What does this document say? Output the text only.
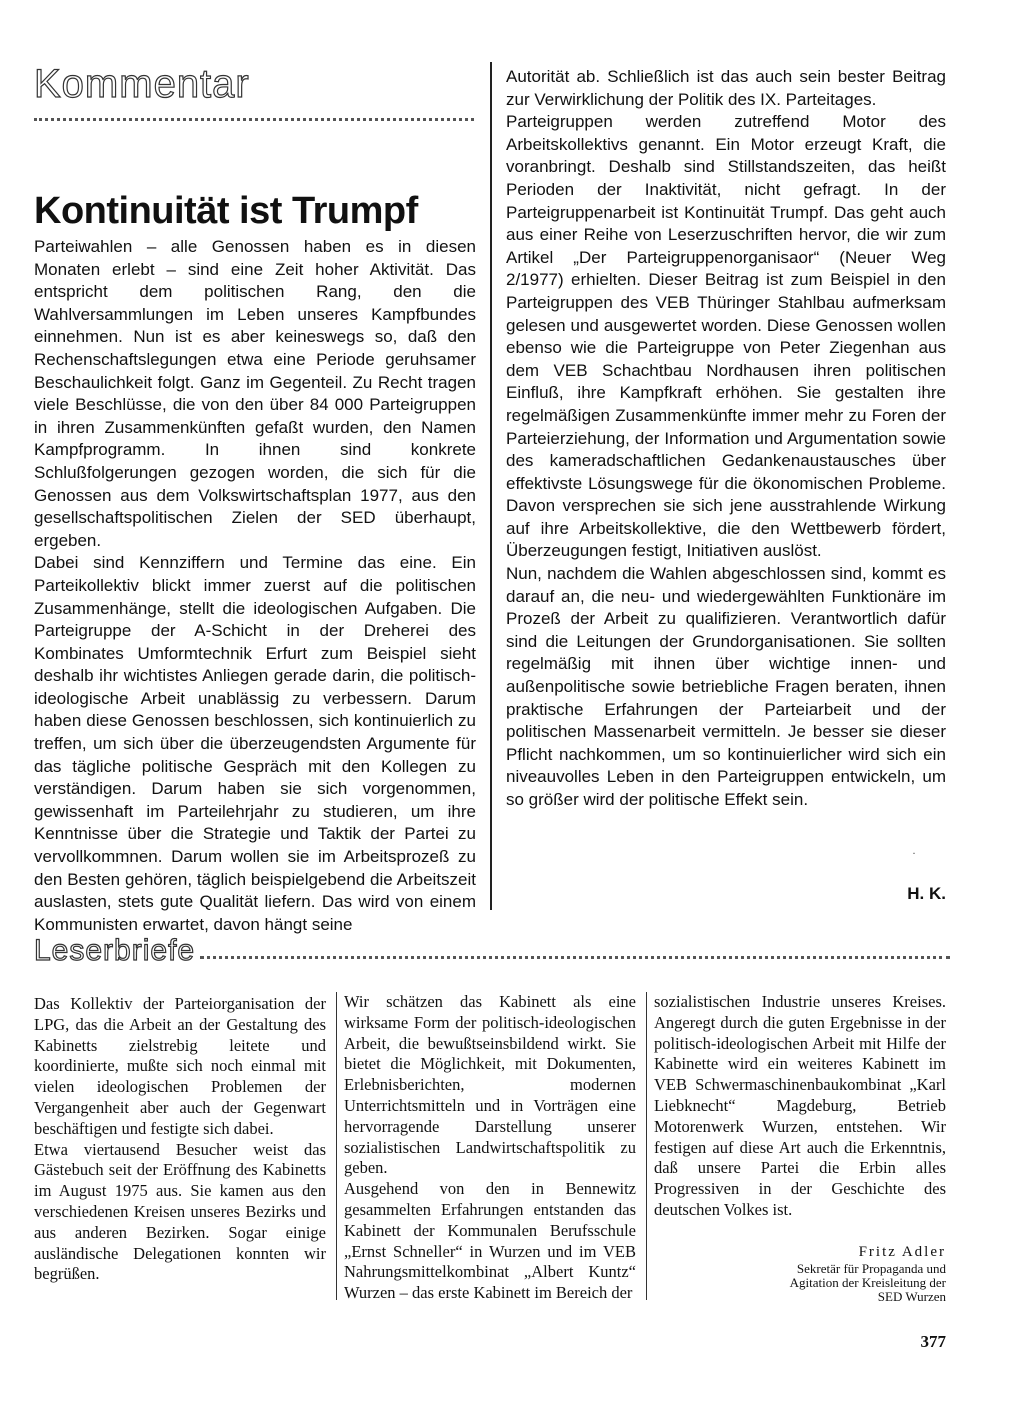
Kommentar
Kontinuität ist Trumpf

Parteiwahlen – alle Genossen haben es in diesen Monaten erlebt – sind eine Zeit hoher Aktivität. Das entspricht dem politischen Rang, den die Wahlversammlungen im Leben unseres Kampfbundes einnehmen. Nun ist es aber keineswegs so, daß den Rechenschaftslegungen etwa eine Periode geruhsamer Beschaulichkeit folgt. Ganz im Gegenteil. Zu Recht tragen viele Beschlüsse, die von den über 84 000 Parteigruppen in ihren Zusammenkünften gefaßt wurden, den Namen Kampfprogramm. In ihnen sind konkrete Schlußfolgerungen gezogen worden, die sich für die Genossen aus dem Volkswirtschaftsplan 1977, aus den gesellschaftspolitischen Zielen der SED überhaupt, ergeben.

Dabei sind Kennziffern und Termine das eine. Ein Parteikollektiv blickt immer zuerst auf die politischen Zusammenhänge, stellt die ideologischen Aufgaben. Die Parteigruppe der A-Schicht in der Dreherei des Kombinates Umformtechnik Erfurt zum Beispiel sieht deshalb ihr wichtistes Anliegen gerade darin, die politisch-ideologische Arbeit unablässig zu verbessern. Darum haben diese Genossen beschlossen, sich kontinuierlich zu treffen, um sich über die überzeugendsten Argumente für das tägliche politische Gespräch mit den Kollegen zu verständigen. Darum haben sie sich vorgenommen, gewissenhaft im Parteilehrjahr zu studieren, um ihre Kenntnisse über die Strategie und Taktik der Partei zu vervollkommnen. Darum wollen sie im Arbeitsprozeß zu den Besten gehören, täglich beispielgebend die Arbeitszeit auslasten, stets gute Qualität liefern. Das wird von einem Kommunisten erwartet, davon hängt seine

Autorität ab. Schließlich ist das auch sein bester Beitrag zur Verwirklichung der Politik des IX. Parteitages.

Parteigruppen werden zutreffend Motor des Arbeitskollektivs genannt. Ein Motor erzeugt Kraft, die voranbringt. Deshalb sind Stillstandszeiten, das heißt Perioden der Inaktivität, nicht gefragt. In der Parteigruppenarbeit ist Kontinuität Trumpf. Das geht auch aus einer Reihe von Leserzuschriften hervor, die wir zum Artikel „Der Parteigruppenorganisaor“ (Neuer Weg 2/1977) erhielten. Dieser Beitrag ist zum Beispiel in den Parteigruppen des VEB Thüringer Stahlbau aufmerksam gelesen und ausgewertet worden. Diese Genossen wollen ebenso wie die Parteigruppe von Peter Ziegenhan aus dem VEB Schachtbau Nordhausen ihren politischen Einfluß, ihre Kampfkraft erhöhen. Sie gestalten ihre regelmäßigen Zusammenkünfte immer mehr zu Foren der Parteierziehung, der Information und Argumentation sowie des kameradschaftlichen Gedankenaustausches über effektivste Lösungswege für die ökonomischen Probleme. Davon versprechen sie sich jene ausstrahlende Wirkung auf ihre Arbeitskollektive, die den Wettbewerb fördert, Überzeugungen festigt, Initiativen auslöst.

Nun, nachdem die Wahlen abgeschlossen sind, kommt es darauf an, die neu- und wiedergewählten Funktionäre im Prozeß der Arbeit zu qualifizieren. Verantwortlich dafür sind die Leitungen der Grundorganisationen. Sie sollten regelmäßig mit ihnen über wichtige innen- und außenpolitische sowie betriebliche Fragen beraten, ihnen praktische Erfahrungen der Parteiarbeit und der politischen Massenarbeit vermitteln. Je besser sie dieser Pflicht nachkommen, um so kontinuierlicher wird sich ein niveauvolles Leben in den Parteigruppen entwickeln, um so größer wird der politische Effekt sein.

·
H. K.
Leserbriefe

Das Kollektiv der Parteiorganisation der LPG, das die Arbeit an der Gestaltung des Kabinetts zielstrebig leitete und koordinierte, mußte sich noch einmal mit vielen ideologischen Problemen der Vergangenheit aber auch der Gegenwart beschäftigen und festigte sich dabei.

Etwa viertausend Besucher weist das Gästebuch seit der Eröffnung des Kabinetts im August 1975 aus. Sie kamen aus den verschiedenen Kreisen unseres Bezirks und aus anderen Bezirken. Sogar einige ausländische Delegationen konnten wir begrüßen.

Wir schätzen das Kabinett als eine wirksame Form der politisch-ideologischen Arbeit, die bewußtseinsbildend wirkt. Sie bietet die Möglichkeit, mit Dokumenten, Erlebnisberichten, modernen Unterrichtsmitteln und in Vorträgen eine hervorragende Darstellung unserer sozialistischen Landwirtschaftspolitik zu geben.

Ausgehend von den in Bennewitz gesammelten Erfahrungen entstanden das Kabinett der Kommunalen Berufsschule „Ernst Schneller“ in Wurzen und im VEB Nahrungsmittelkombinat „Albert Kuntz“ Wurzen – das erste Kabinett im Bereich der

sozialistischen Industrie unseres Kreises. Angeregt durch die guten Ergebnisse in der politisch-ideologischen Arbeit mit Hilfe der Kabinette wird ein weiteres Kabinett im VEB Schwermaschinenbaukombinat „Karl Liebknecht“ Magdeburg, Betrieb Motorenwerk Wurzen, entstehen. Wir festigen auf diese Art auch die Erkenntnis, daß unsere Partei die Erbin alles Progressiven in der Geschichte des deutschen Volkes ist.

Fritz Adler
Sekretär für Propaganda und
Agitation der Kreisleitung der
SED Wurzen
377
